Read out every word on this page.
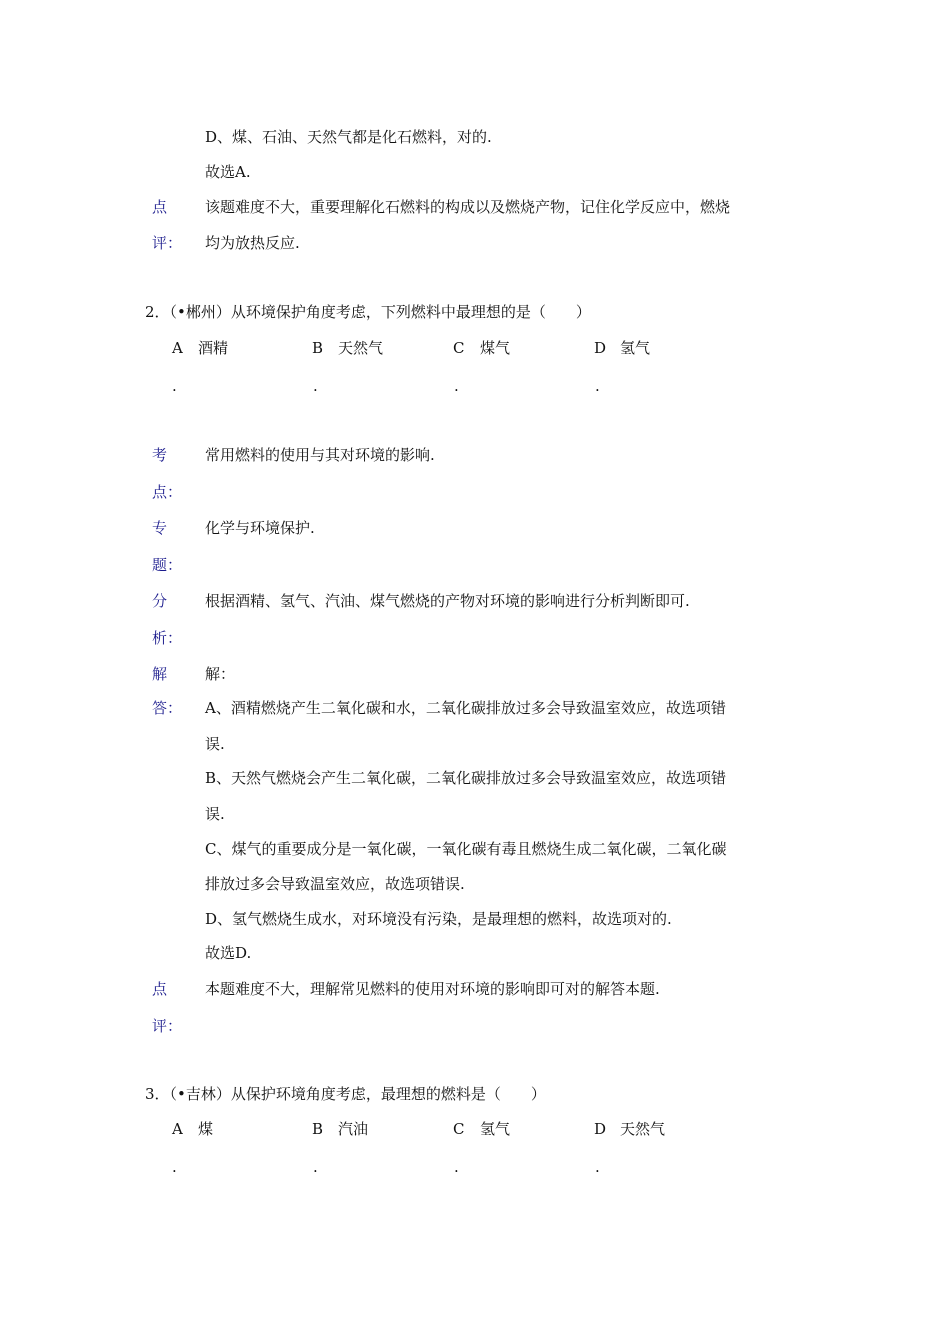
D、煤、石油、天然气都是化石燃料，对的.
故选A.
点	该题难度不大，重要理解化石燃料的构成以及燃烧产物，记住化学反应中，燃烧
评： 均为放热反应.
2．（•郴州）从环境保护角度考虑，下列燃料中最理想的是（　　）
A 酒精
.
B 天然气
.
C 煤气
.
D 氢气
.
考	常用燃料的使用与其对环境的影响.
点：
专	化学与环境保护.
题：
分	根据酒精、氢气、汽油、煤气燃烧的产物对环境的影响进行分析判断即可.
析：
解
答：
解：
A、酒精燃烧产生二氧化碳和水，二氧化碳排放过多会导致温室效应，故选项错
误.
B、天然气燃烧会产生二氧化碳，二氧化碳排放过多会导致温室效应，故选项错
误.
C、煤气的重要成分是一氧化碳，一氧化碳有毒且燃烧生成二氧化碳，二氧化碳
排放过多会导致温室效应，故选项错误.
D、氢气燃烧生成水，对环境没有污染，是最理想的燃料，故选项对的.
故选D.
点	本题难度不大，理解常见燃料的使用对环境的影响即可对的解答本题.
评：
3．（•吉林）从保护环境角度考虑，最理想的燃料是（　　）
A 煤
.
B 汽油
.
C 氢气
.
D 天然气
.
